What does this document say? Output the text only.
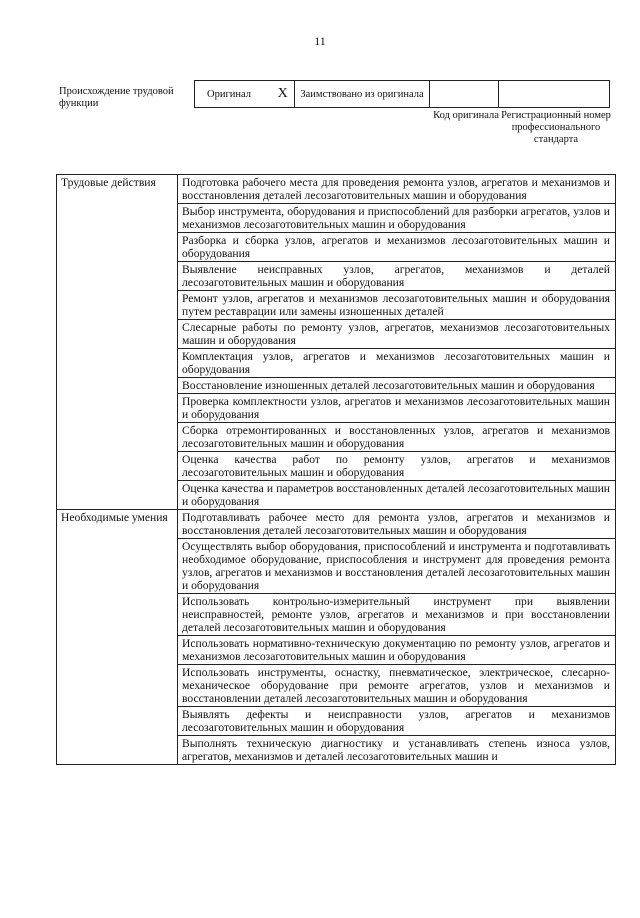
11
Происхождение трудовой функции
Оригинал X	Заимствовано из оригинала		
Код оригинала Регистрационный номер профессионального стандарта
Трудовые действия	Подготовка рабочего места для проведения ремонта узлов, агрегатов и механизмов и восстановления деталей лесозаготовительных машин и оборудования
	Выбор инструмента, оборудования и приспособлений для разборки агрегатов, узлов и механизмов лесозаготовительных машин и оборудования
	Разборка и сборка узлов, агрегатов и механизмов лесозаготовительных машин и оборудования
	Выявление неисправных узлов, агрегатов, механизмов и деталей лесозаготовительных машин и оборудования
	Ремонт узлов, агрегатов и механизмов лесозаготовительных машин и оборудования путем реставрации или замены изношенных деталей
	Слесарные работы по ремонту узлов, агрегатов, механизмов лесозаготовительных машин и оборудования
	Комплектация узлов, агрегатов и механизмов лесозаготовительных машин и оборудования
	Восстановление изношенных деталей лесозаготовительных машин и оборудования
	Проверка комплектности узлов, агрегатов и механизмов лесозаготовительных машин и оборудования
	Сборка отремонтированных и восстановленных узлов, агрегатов и механизмов лесозаготовительных машин и оборудования
	Оценка качества работ по ремонту узлов, агрегатов и механизмов лесозаготовительных машин и оборудования
	Оценка качества и параметров восстановленных деталей лесозаготовительных машин и оборудования
Необходимые умения	Подготавливать рабочее место для ремонта узлов, агрегатов и механизмов и восстановления деталей лесозаготовительных машин и оборудования
	Осуществлять выбор оборудования, приспособлений и инструмента и подготавливать необходимое оборудование, приспособления и инструмент для проведения ремонта узлов, агрегатов и механизмов и восстановления деталей лесозаготовительных машин и оборудования
	Использовать контрольно-измерительный инструмент при выявлении неисправностей, ремонте узлов, агрегатов и механизмов и при восстановлении деталей лесозаготовительных машин и оборудования
	Использовать нормативно-техническую документацию по ремонту узлов, агрегатов и механизмов лесозаготовительных машин и оборудования
	Использовать инструменты, оснастку, пневматическое, электрическое, слесарно-механическое оборудование при ремонте агрегатов, узлов и механизмов и восстановлении деталей лесозаготовительных машин и оборудования
	Выявлять дефекты и неисправности узлов, агрегатов и механизмов лесозаготовительных машин и оборудования
	Выполнять техническую диагностику и устанавливать степень износа узлов, агрегатов, механизмов и деталей лесозаготовительных машин и
